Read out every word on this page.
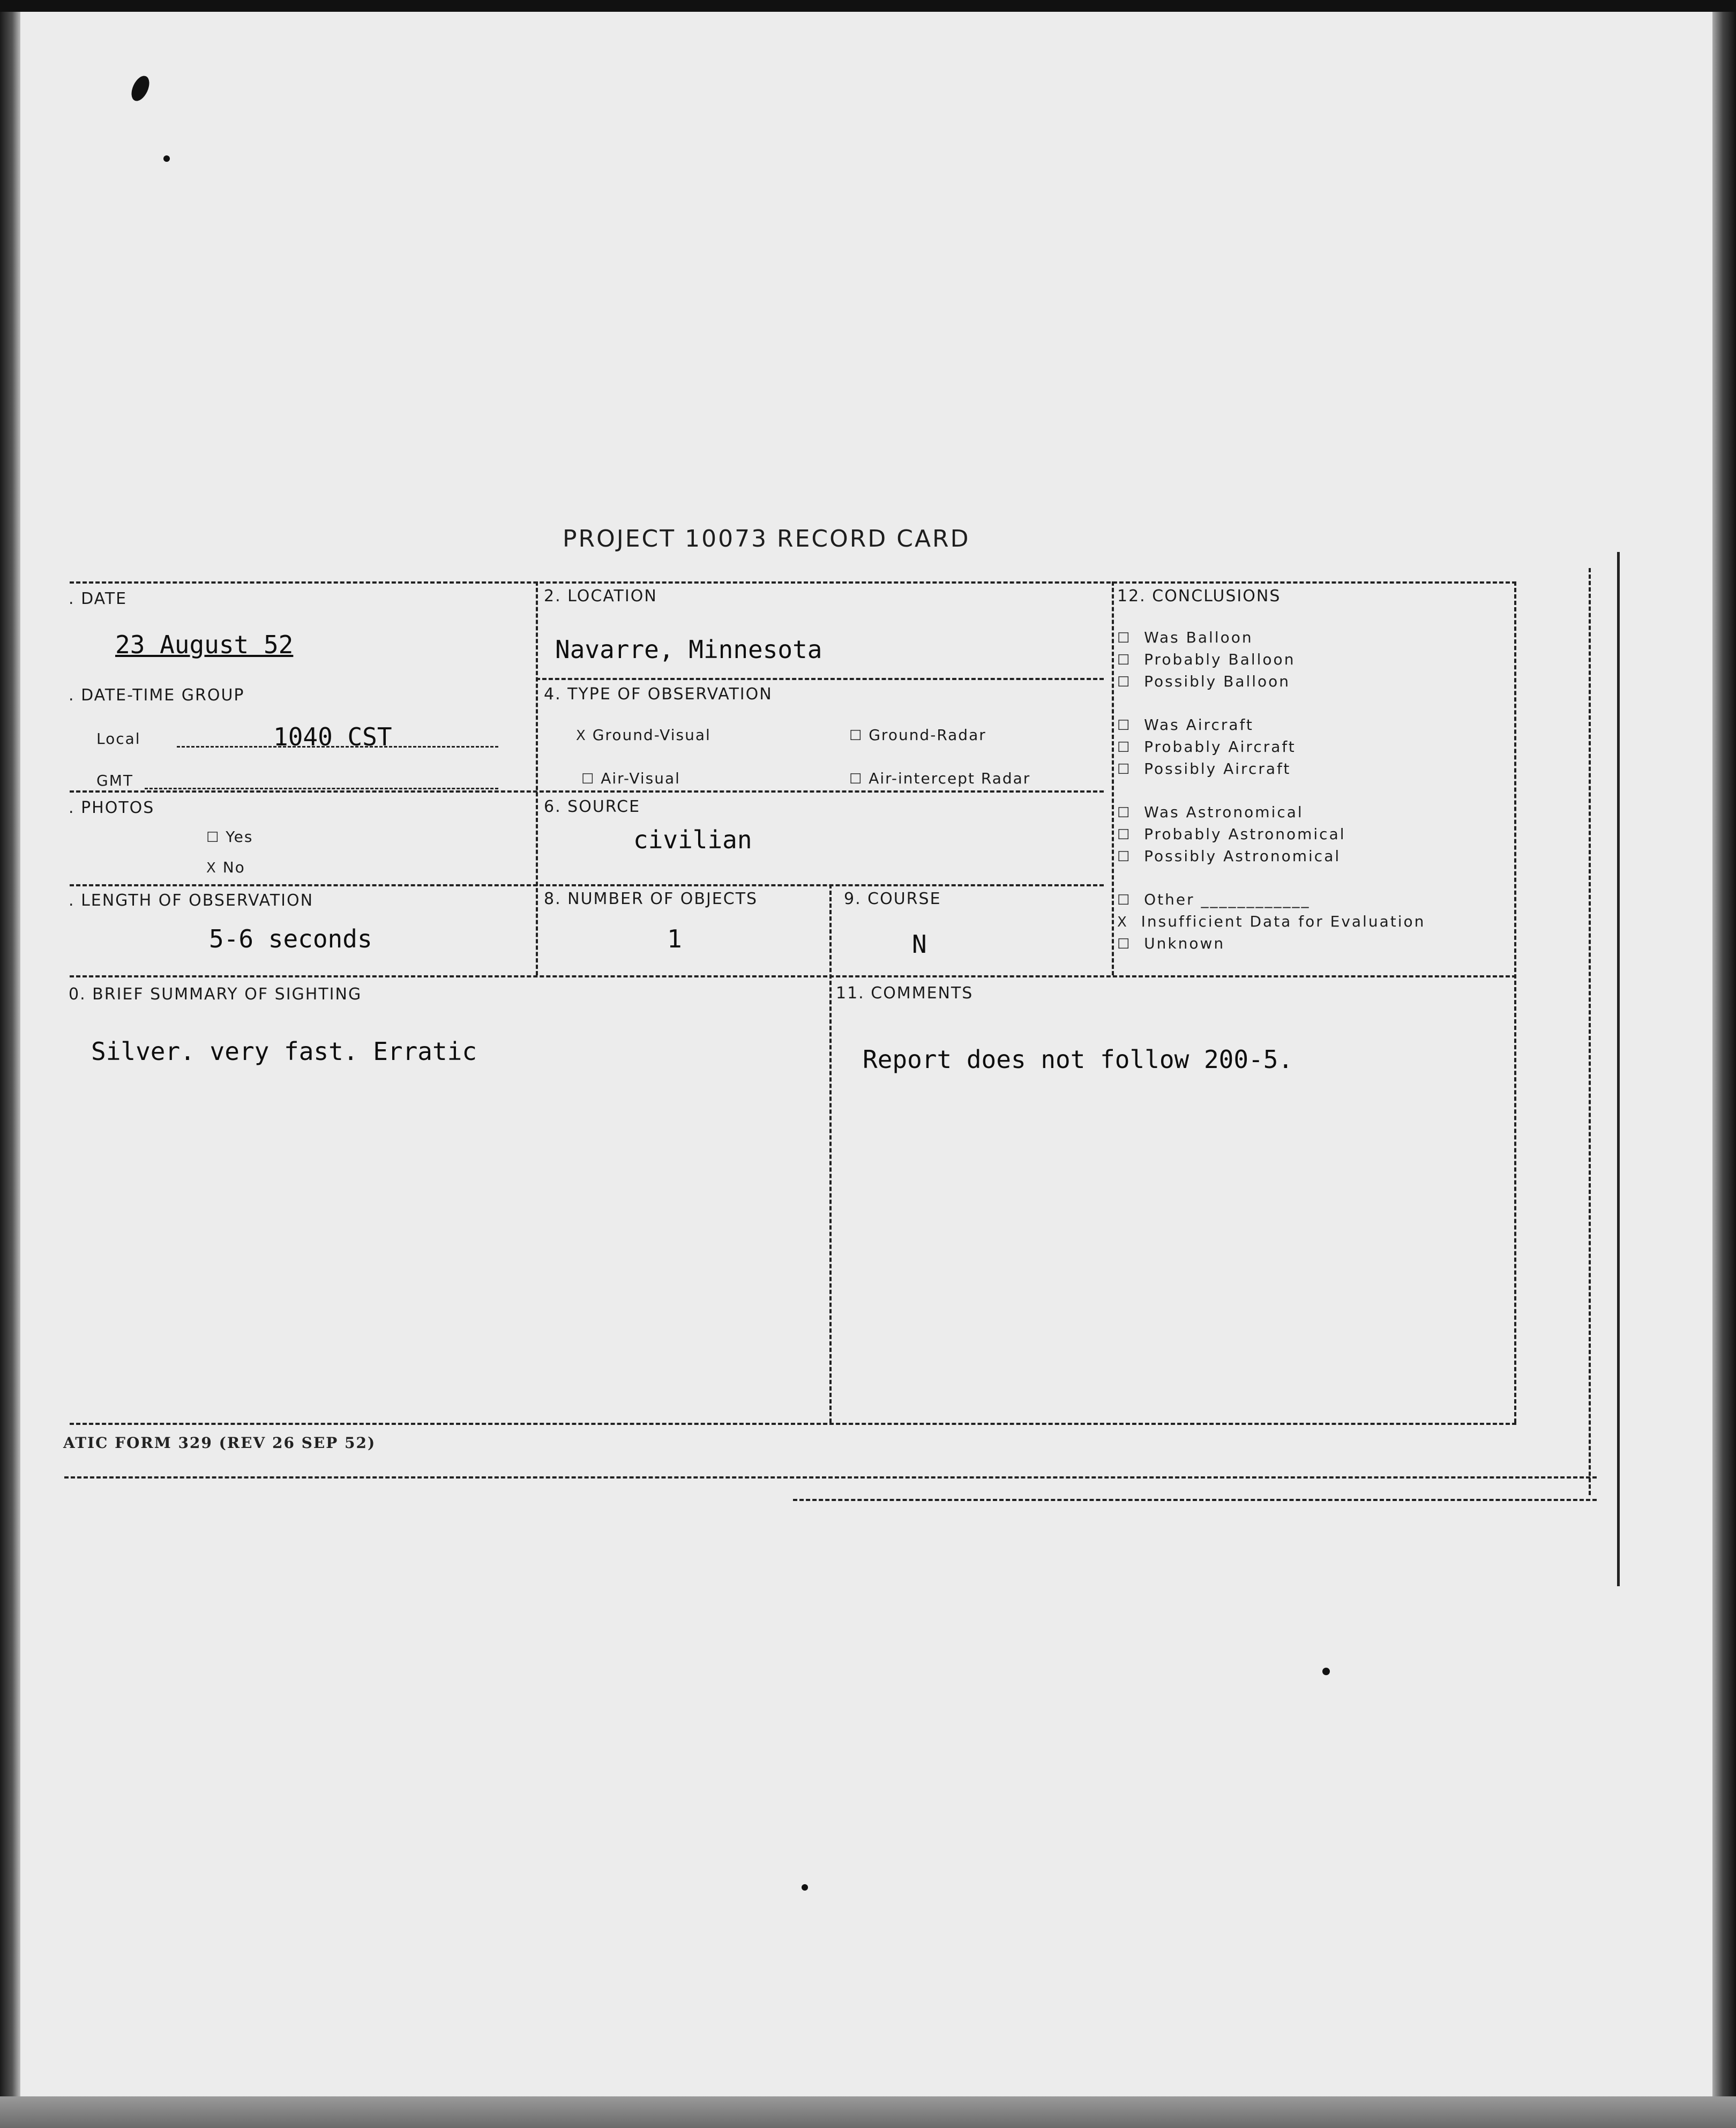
PROJECT 10073 RECORD CARD
. DATE
23 August 52
2. LOCATION
Navarre, Minnesota
. DATE-TIME GROUP
Local	1040 CST
GMT
4. TYPE OF OBSERVATION
X Ground-Visual	☐ Ground-Radar
☐ Air-Visual	☐ Air-intercept Radar
. PHOTOS
☐ Yes
X No
6. SOURCE
civilian
. LENGTH OF OBSERVATION
5-6 seconds
8. NUMBER OF OBJECTS
1
9. COURSE
N
0. BRIEF SUMMARY OF SIGHTING
Silver. very fast. Erratic
11. COMMENTS
Report does not follow 200-5.
12. CONCLUSIONS
☐ Was Balloon
☐ Probably Balloon
☐ Possibly Balloon
☐ Was Aircraft
☐ Probably Aircraft
☐ Possibly Aircraft
☐ Was Astronomical
☐ Probably Astronomical
☐ Possibly Astronomical
☐ Other ____________
X Insufficient Data for Evaluation
☐ Unknown
ATIC FORM 329 (REV 26 SEP 52)
